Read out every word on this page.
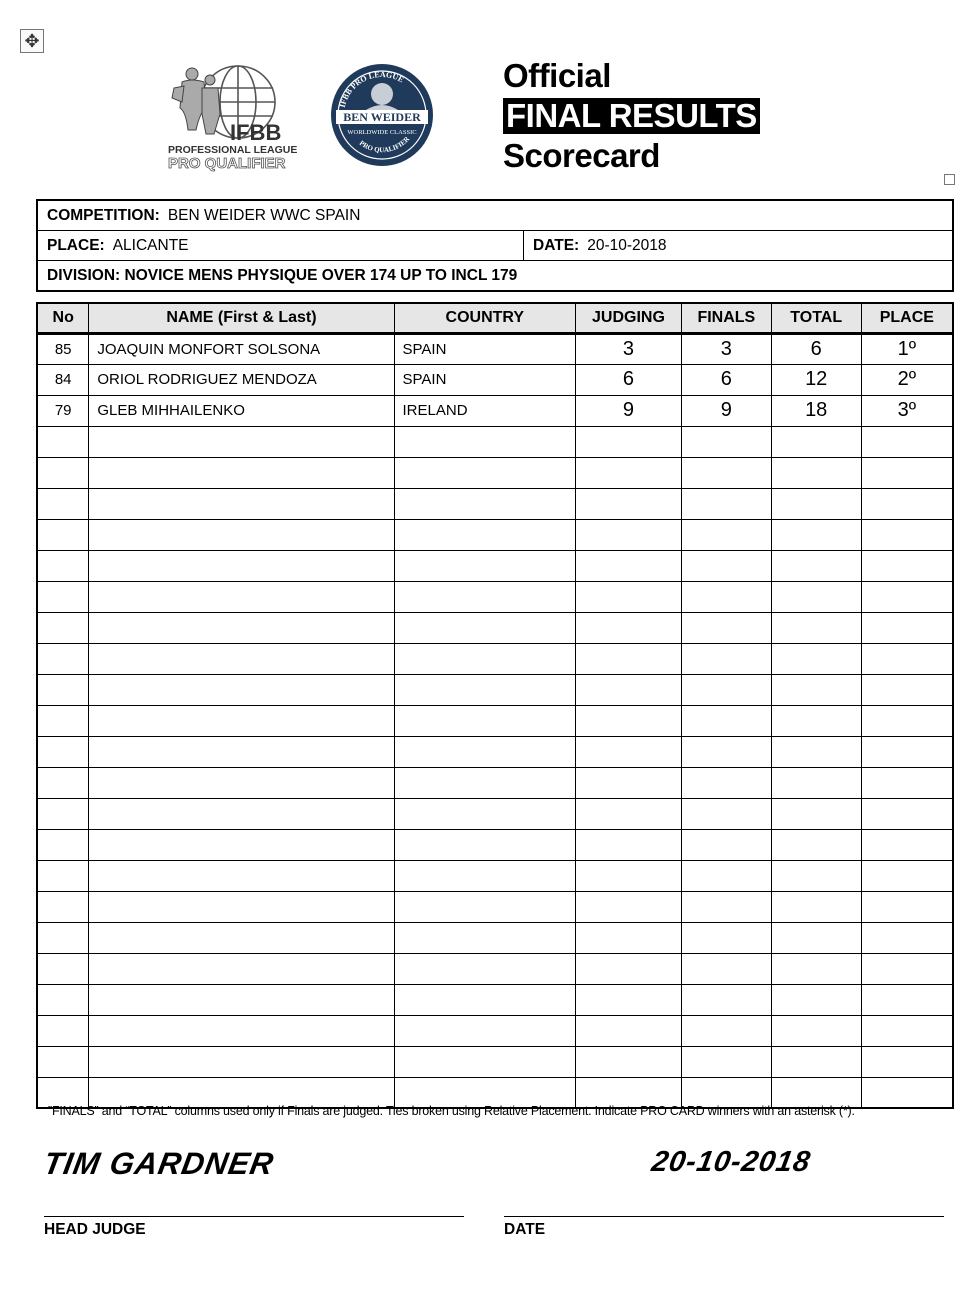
✥
IFBB
PROFESSIONAL LEAGUE
PRO QUALIFIER
IFBB PRO LEAGUE
BEN WEIDER
WORLDWIDE CLASSIC
PRO QUALIFIER
Official
FINAL RESULTS
Scorecard
COMPETITION: BEN WEIDER WWC SPAIN
PLACE: ALICANTE	DATE: 20-10-2018
DIVISION: NOVICE MENS PHYSIQUE OVER 174 UP TO INCL 179
No	NAME (First & Last)	COUNTRY	JUDGING	FINALS	TOTAL	PLACE
85	JOAQUIN MONFORT SOLSONA	SPAIN	3	3	6	1º
84	ORIOL RODRIGUEZ MENDOZA	SPAIN	6	6	12	2º
79	GLEB MIHHAILENKO	IRELAND	9	9	18	3º

”FINALS” and “TOTAL” columns used only if Finals are judged. Ties broken using Relative Placement. Indicate PRO CARD winners with an asterisk (*).
TIM GARDNER	20-10-2018
HEAD JUDGE	DATE
